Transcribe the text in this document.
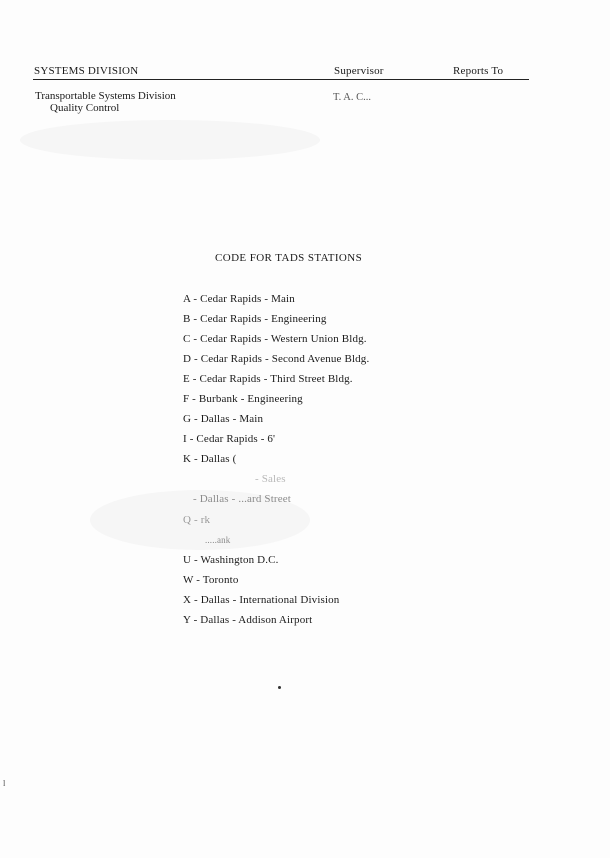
SYSTEMS DIVISION	Supervisor	Reports To
Transportable Systems Division
Quality Control
T. A. C...
CODE FOR TADS STATIONS
A - Cedar Rapids - Main
B - Cedar Rapids - Engineering
C - Cedar Rapids - Western Union Bldg.
D - Cedar Rapids - Second Avenue Bldg.
E - Cedar Rapids - Third Street Bldg.
F - Burbank - Engineering
G - Dallas - Main
I - Cedar Rapids - 6'
K - Dallas (
- Sales
- Dallas - ...ard Street
Q - rk
.....ank
U - Washington D.C.
W - Toronto
X - Dallas - International Division
Y - Dallas - Addison Airport
ˡ
